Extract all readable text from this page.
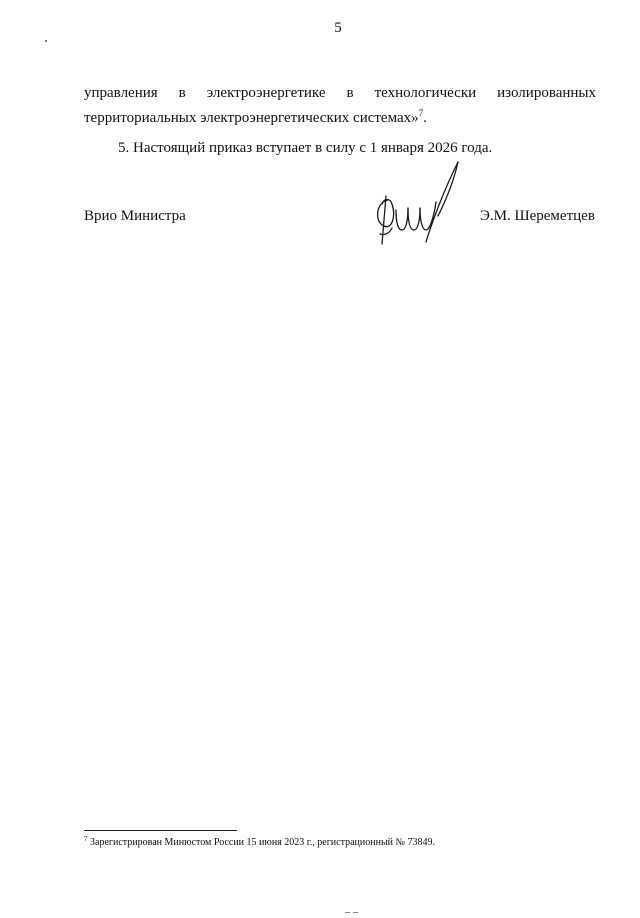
5
управления в электроэнергетике в технологически изолированных
территориальных электроэнергетических системах»$^7$.
5. Настоящий приказ вступает в силу с 1 января 2026 года.
Врио Министра	Э.М. Шереметцев
$^7$ Зарегистрирован Минюстом России 15 июня 2023 г., регистрационный № 73849.
